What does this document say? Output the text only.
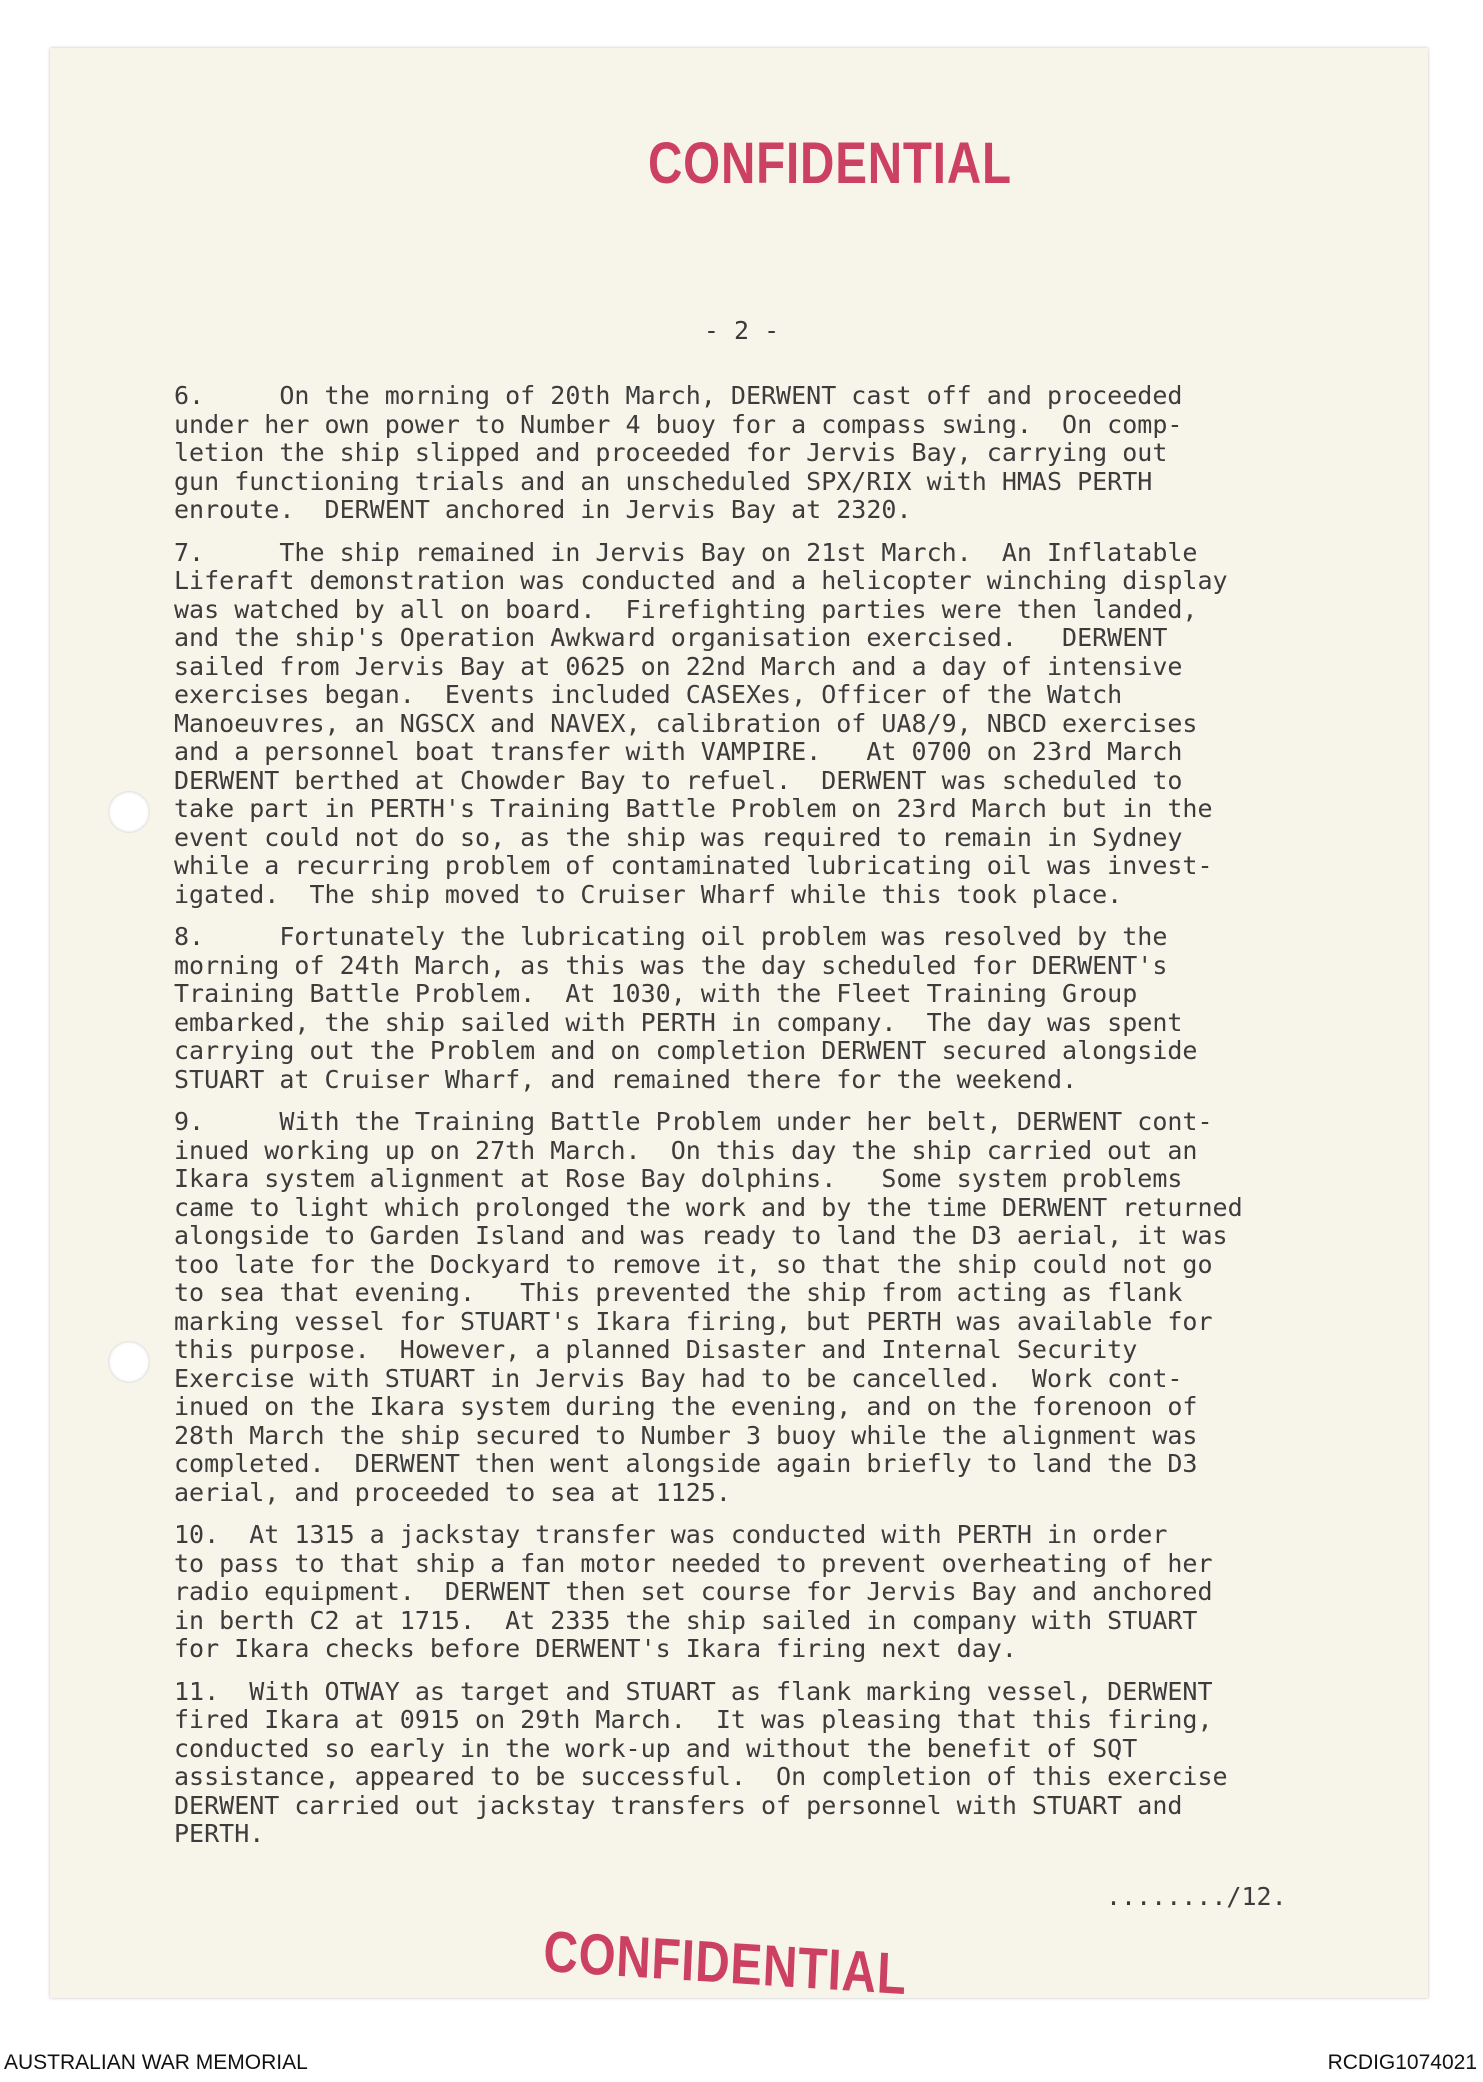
CONFIDENTIAL
- 2 -
6.     On the morning of 20th March, DERWENT cast off and proceeded
under her own power to Number 4 buoy for a compass swing.  On comp-
letion the ship slipped and proceeded for Jervis Bay, carrying out
gun functioning trials and an unscheduled SPX/RIX with HMAS PERTH
enroute.  DERWENT anchored in Jervis Bay at 2320.
7.     The ship remained in Jervis Bay on 21st March.  An Inflatable
Liferaft demonstration was conducted and a helicopter winching display
was watched by all on board.  Firefighting parties were then landed,
and the ship's Operation Awkward organisation exercised.   DERWENT
sailed from Jervis Bay at 0625 on 22nd March and a day of intensive
exercises began.  Events included CASEXes, Officer of the Watch
Manoeuvres, an NGSCX and NAVEX, calibration of UA8/9, NBCD exercises
and a personnel boat transfer with VAMPIRE.   At 0700 on 23rd March
DERWENT berthed at Chowder Bay to refuel.  DERWENT was scheduled to
take part in PERTH's Training Battle Problem on 23rd March but in the
event could not do so, as the ship was required to remain in Sydney
while a recurring problem of contaminated lubricating oil was invest-
igated.  The ship moved to Cruiser Wharf while this took place.
8.     Fortunately the lubricating oil problem was resolved by the
morning of 24th March, as this was the day scheduled for DERWENT's
Training Battle Problem.  At 1030, with the Fleet Training Group
embarked, the ship sailed with PERTH in company.  The day was spent
carrying out the Problem and on completion DERWENT secured alongside
STUART at Cruiser Wharf, and remained there for the weekend.
9.     With the Training Battle Problem under her belt, DERWENT cont-
inued working up on 27th March.  On this day the ship carried out an
Ikara system alignment at Rose Bay dolphins.   Some system problems
came to light which prolonged the work and by the time DERWENT returned
alongside to Garden Island and was ready to land the D3 aerial, it was
too late for the Dockyard to remove it, so that the ship could not go
to sea that evening.   This prevented the ship from acting as flank
marking vessel for STUART's Ikara firing, but PERTH was available for
this purpose.  However, a planned Disaster and Internal Security
Exercise with STUART in Jervis Bay had to be cancelled.  Work cont-
inued on the Ikara system during the evening, and on the forenoon of
28th March the ship secured to Number 3 buoy while the alignment was
completed.  DERWENT then went alongside again briefly to land the D3
aerial, and proceeded to sea at 1125.
10.  At 1315 a jackstay transfer was conducted with PERTH in order
to pass to that ship a fan motor needed to prevent overheating of her
radio equipment.  DERWENT then set course for Jervis Bay and anchored
in berth C2 at 1715.  At 2335 the ship sailed in company with STUART
for Ikara checks before DERWENT's Ikara firing next day.
11.  With OTWAY as target and STUART as flank marking vessel, DERWENT
fired Ikara at 0915 on 29th March.  It was pleasing that this firing,
conducted so early in the work-up and without the benefit of SQT
assistance, appeared to be successful.  On completion of this exercise
DERWENT carried out jackstay transfers of personnel with STUART and
PERTH.
......../12.
CONFIDENTIAL
AUSTRALIAN WAR MEMORIAL	RCDIG1074021
